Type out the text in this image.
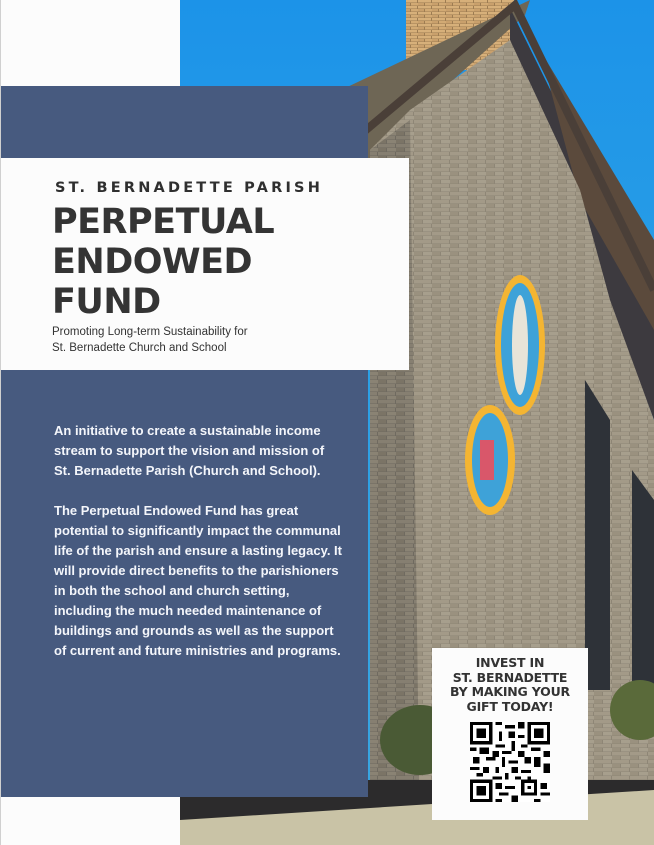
ST. BERNADETTE PARISH
PERPETUAL
ENDOWED
FUND
Promoting Long-term Sustainability for
St. Bernadette Church and School

An initiative to create a sustainable income stream to support the vision and mission of St. Bernadette Parish (Church and School).

The Perpetual Endowed Fund has great potential to significantly impact the communal life of the parish and ensure a lasting legacy. It will provide direct benefits to the parishioners in both the school and church setting, including the much needed maintenance of buildings and grounds as well as the support of current and future ministries and programs.

INVEST IN
ST. BERNADETTE
BY MAKING YOUR
GIFT TODAY!
